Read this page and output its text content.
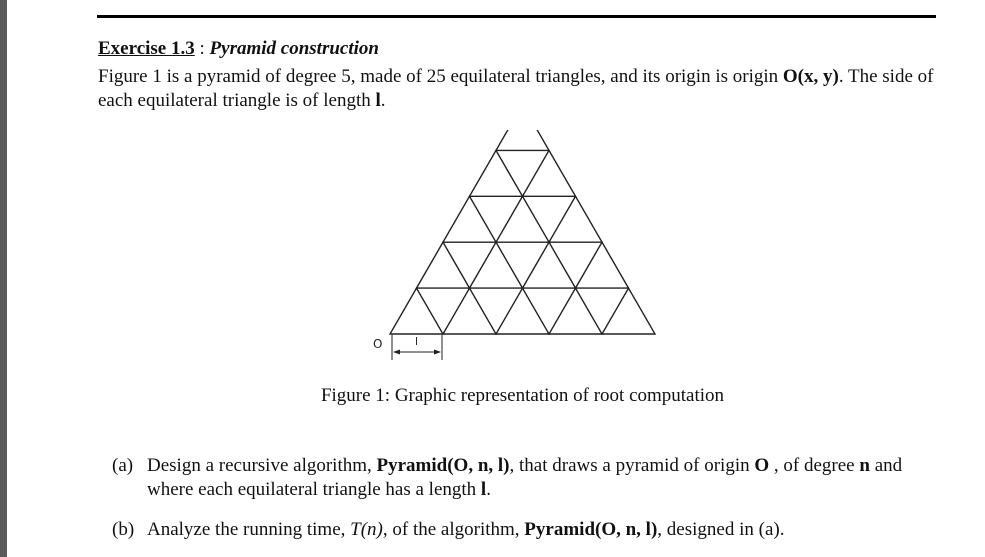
Exercise 1.3 : Pyramid construction
Figure 1 is a pyramid of degree 5, made of 25 equilateral triangles, and its origin is origin O(x, y). The side of each equilateral triangle is of length l.
O	l
Figure 1: Graphic representation of root computation
(a) Design a recursive algorithm, Pyramid(O, n, l), that draws a pyramid of origin O , of degree n and where each equilateral triangle has a length l.
(b) Analyze the running time, T(n), of the algorithm, Pyramid(O, n, l), designed in (a).
